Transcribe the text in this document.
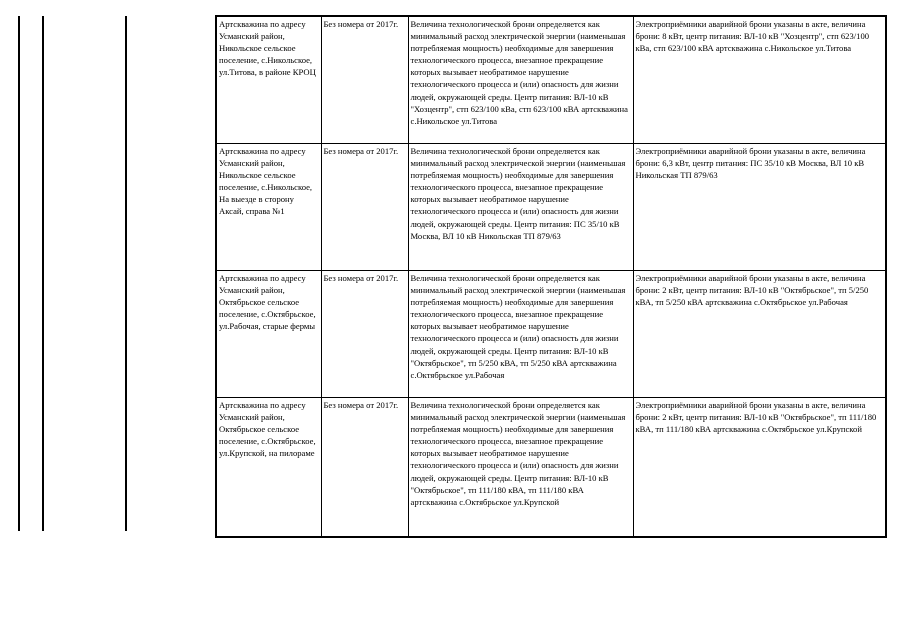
Артскважина по адресу Усманский район, Никольское сельское поселение, с.Никольское, ул.Титова, в районе КРОЦ	Без номера от 2017г.	Величина технологической брони определяется как минимальный расход электрической энергии (наименьшая потребляемая мощность) необходимые для завершения технологического процесса, внезапное прекращение которых вызывает необратимое нарушение технологического процесса и (или) опасность для жизни людей, окружающей среды. Центр питания: ВЛ-10 кВ "Хозцентр", стп 623/100 кВа, стп 623/100 кВА артскважина с.Никольское ул.Титова	Электроприёмники аварийной брони указаны в акте, величина брони: 8 кВт, центр питания: ВЛ-10 кВ "Хозцентр", стп 623/100 кВа, стп 623/100 кВА артскважина с.Никольское ул.Титова
Артскважина по адресу Усманский район, Никольское сельское поселение, с.Никольское, На выезде в сторону Аксай, справа №1	Без номера от 2017г.	Величина технологической брони определяется как минимальный расход электрической энергии (наименьшая потребляемая мощность) необходимые для завершения технологического процесса, внезапное прекращение которых вызывает необратимое нарушение технологического процесса и (или) опасность для жизни людей, окружающей среды. Центр питания: ПС 35/10 кВ Москва, ВЛ 10 кВ Никольская ТП 879/63	Электроприёмники аварийной брони указаны в акте, величина брони: 6,3 кВт, центр питания: ПС 35/10 кВ Москва, ВЛ 10 кВ Никольская ТП 879/63
Артскважина по адресу Усманский район, Октябрьское сельское поселение, с.Октябрьское, ул.Рабочая, старые фермы	Без номера от 2017г.	Величина технологической брони определяется как минимальный расход электрической энергии (наименьшая потребляемая мощность) необходимые для завершения технологического процесса, внезапное прекращение которых вызывает необратимое нарушение технологического процесса и (или) опасность для жизни людей, окружающей среды. Центр питания: ВЛ-10 кВ "Октябрьское", тп 5/250 кВА, тп 5/250 кВА артскважина с.Октябрьское ул.Рабочая	Электроприёмники аварийной брони указаны в акте, величина брони: 2 кВт, центр питания: ВЛ-10 кВ "Октябрьское", тп 5/250 кВА, тп 5/250 кВА артскважина с.Октябрьское ул.Рабочая
Артскважина по адресу Усманский район, Октябрьское сельское поселение, с.Октябрьское, ул.Крупской, на пилораме	Без номера от 2017г.	Величина технологической брони определяется как минимальный расход электрической энергии (наименьшая потребляемая мощность) необходимые для завершения технологического процесса, внезапное прекращение которых вызывает необратимое нарушение технологического процесса и (или) опасность для жизни людей, окружающей среды. Центр питания: ВЛ-10 кВ "Октябрьское", тп 111/180 кВА, тп 111/180 кВА артскважина с.Октябрьское ул.Крупской	Электроприёмники аварийной брони указаны в акте, величина брони: 2 кВт, центр питания: ВЛ-10 кВ "Октябрьское", тп 111/180 кВА, тп 111/180 кВА артскважина с.Октябрьское ул.Крупской
